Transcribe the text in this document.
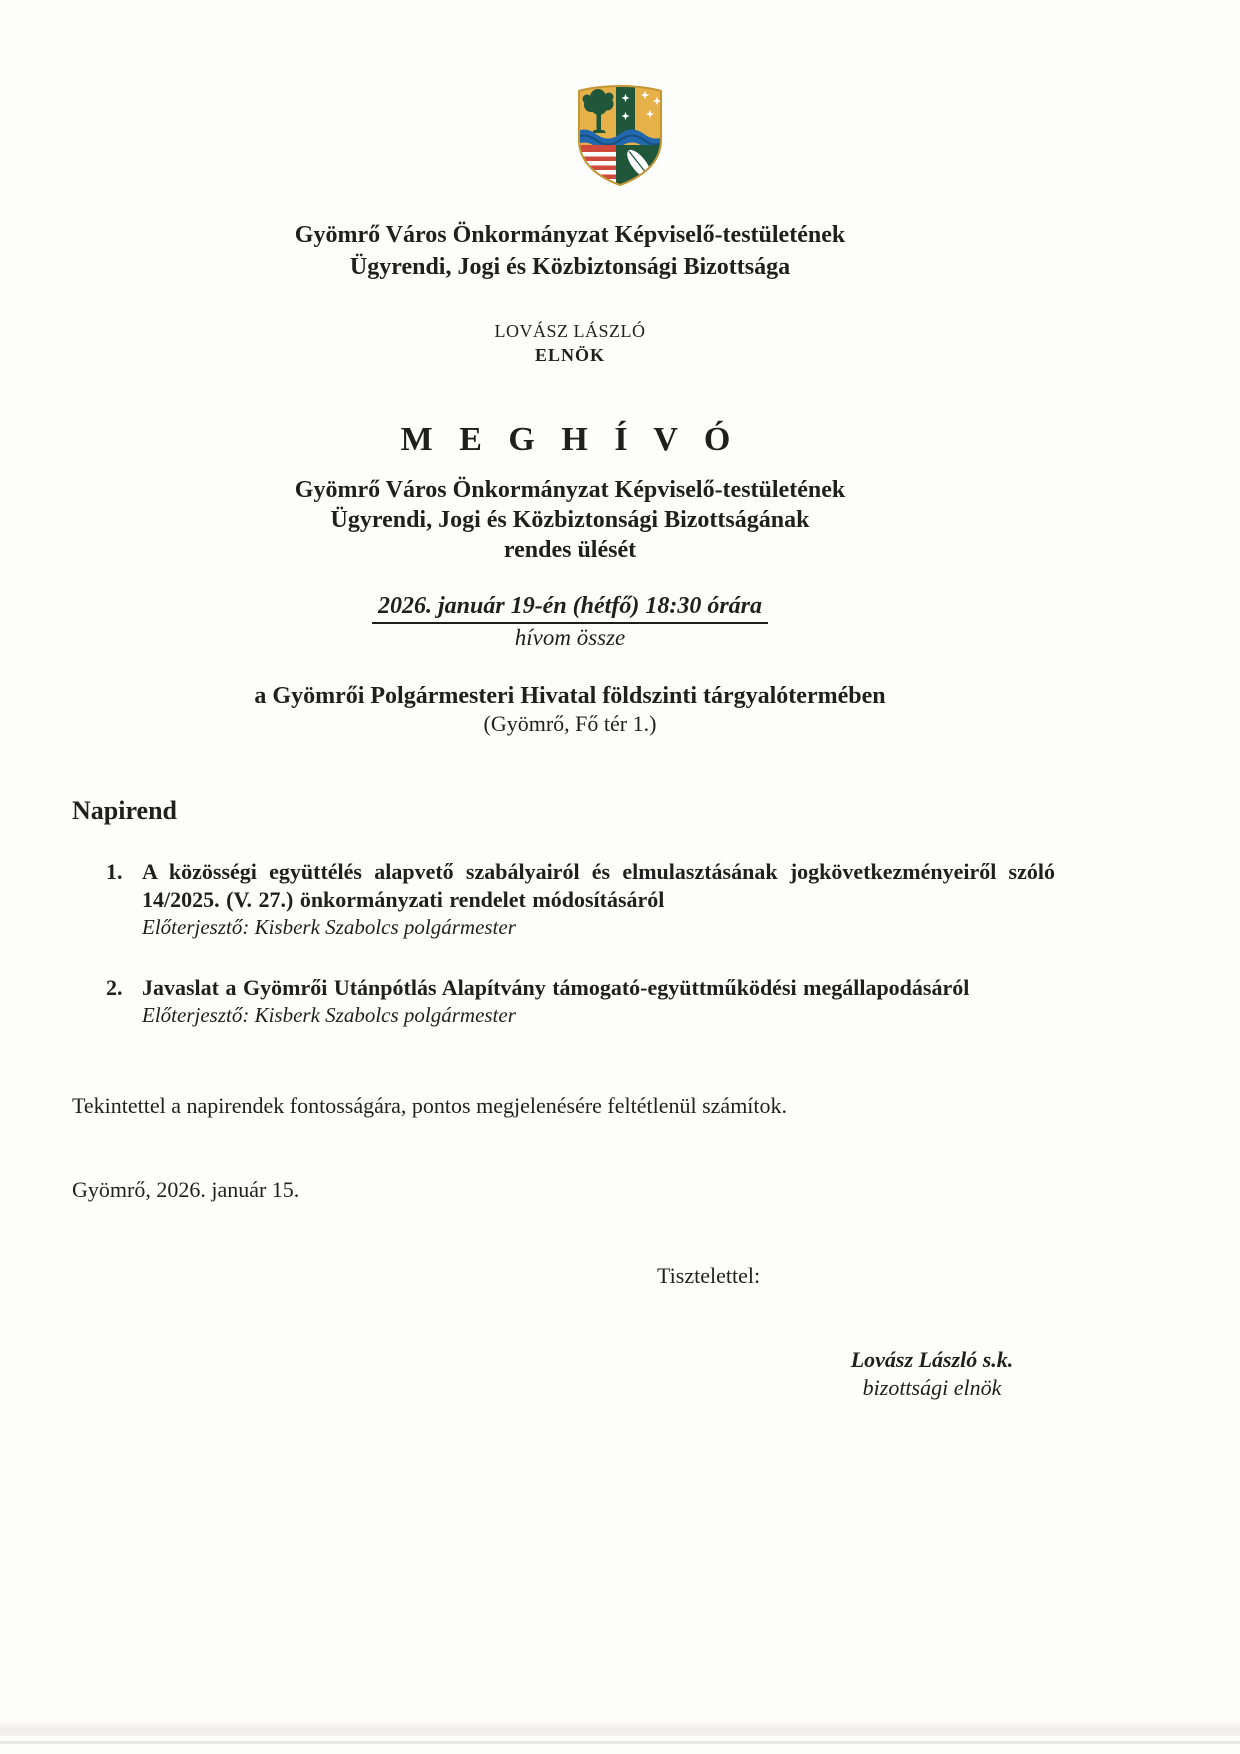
Gyömrő Város Önkormányzat Képviselő-testületének
Ügyrendi, Jogi és Közbiztonsági Bizottsága
LOVÁSZ LÁSZLÓ
ELNÖK
M E G H Í V Ó
Gyömrő Város Önkormányzat Képviselő-testületének
Ügyrendi, Jogi és Közbiztonsági Bizottságának
rendes ülését
2026. január 19-én (hétfő) 18:30 órára
hívom össze
a Gyömrői Polgármesteri Hivatal földszinti tárgyalótermében
(Gyömrő, Fő tér 1.)
Napirend
1. A közösségi együttélés alapvető szabályairól és elmulasztásának jogkövetkezményeiről szóló 14/2025. (V. 27.) önkormányzati rendelet módosításáról
Előterjesztő: Kisberk Szabolcs polgármester
2. Javaslat a Gyömrői Utánpótlás Alapítvány támogató-együttműködési megállapodásáról
Előterjesztő: Kisberk Szabolcs polgármester
Tekintettel a napirendek fontosságára, pontos megjelenésére feltétlenül számítok.
Gyömrő, 2026. január 15.
Tisztelettel:
Lovász László s.k.
bizottsági elnök
